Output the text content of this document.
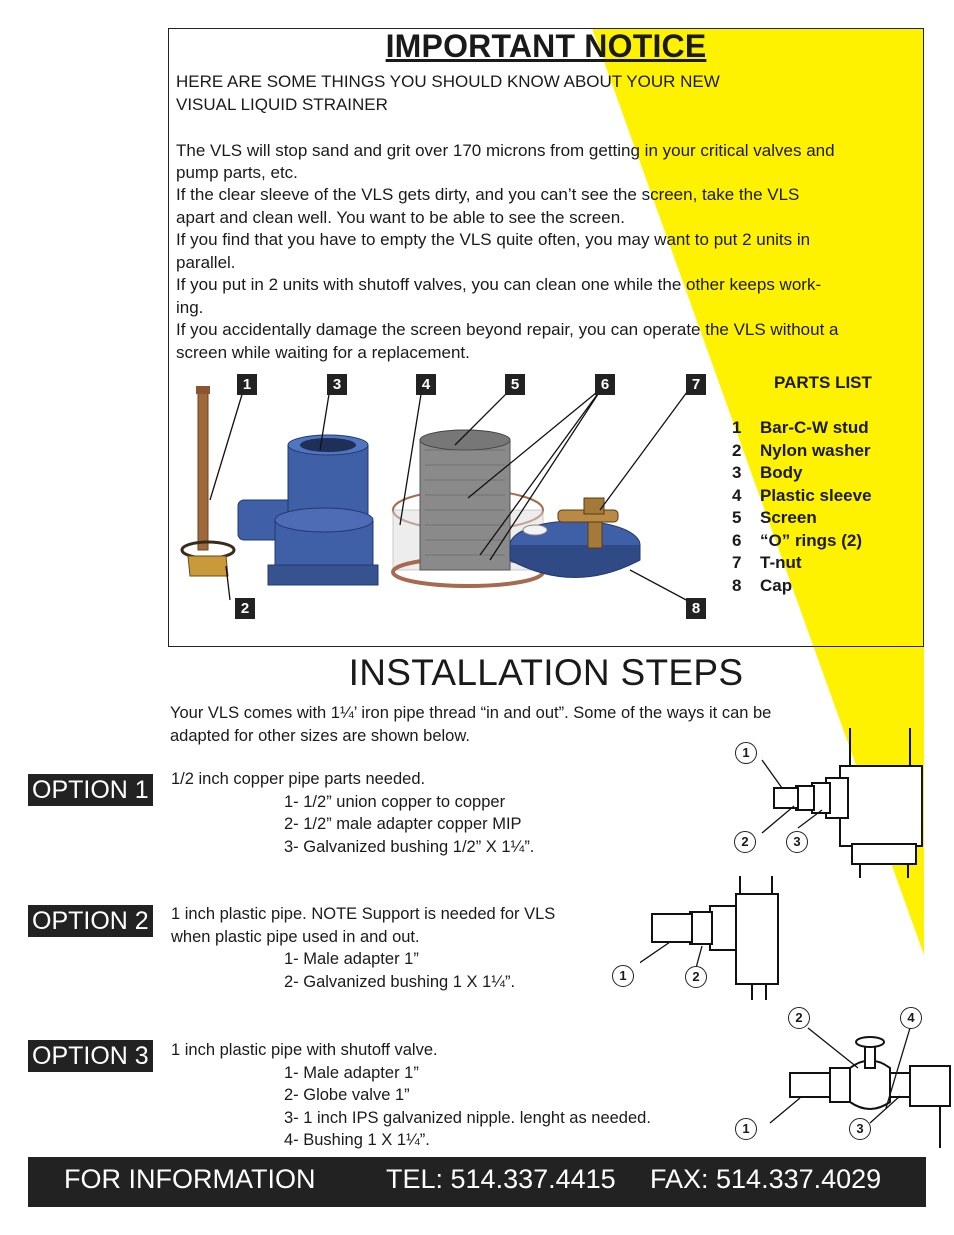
IMPORTANT NOTICE
HERE ARE SOME THINGS YOU SHOULD KNOW ABOUT YOUR NEW
VISUAL LIQUID STRAINER
The VLS will stop sand and grit over 170 microns from getting in your critical valves and
pump parts, etc.
If the clear sleeve of the VLS gets dirty, and you can’t see the screen, take the VLS
apart and clean well. You want to be able to see the screen.
If you find that you have to empty the VLS quite often, you may want to put 2 units in
parallel.
If you put in 2 units with shutoff valves, you can clean one while the other keeps work-
ing.
If you accidentally damage the screen beyond repair, you can operate the VLS without a
screen while waiting for a replacement.
1	3	4	5	6	7
2	8
PARTS LIST
1	Bar-C-W stud
2	Nylon washer
3	Body
4	Plastic sleeve
5	Screen
6	“O” rings (2)
7	T-nut
8	Cap
INSTALLATION STEPS
Your VLS comes with 1¼’ iron pipe thread “in and out”. Some of the ways it can be
adapted for other sizes are shown below.
OPTION 1 1/2 inch copper pipe parts needed.
1- 1/2” union copper to copper
2- 1/2” male adapter copper MIP
3- Galvanized bushing 1/2” X 1¼”.
OPTION 2 1 inch plastic pipe. NOTE Support is needed for VLS
when plastic pipe used in and out.
1- Male adapter 1”
2- Galvanized bushing 1 X 1¼”.
OPTION 3 1 inch plastic pipe with shutoff valve.
1- Male adapter 1”
2- Globe valve 1”
3- 1 inch IPS galvanized nipple. lenght as needed.
4- Bushing 1 X 1¼”.
1
2	3
1	2
2	4
1	3
FOR INFORMATION	TEL: 514.337.4415 FAX: 514.337.4029
